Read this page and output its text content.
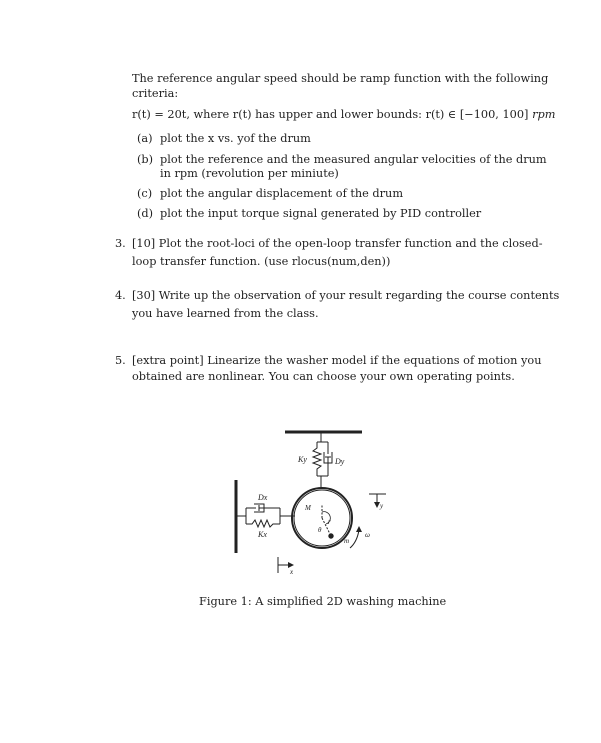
The reference angular speed should be ramp function with the following
criteria:
r(t) = 20t, where r(t) has upper and lower bounds: r(t) ∈ [−100, 100] rpm
(a) plot the x vs. yof the drum
(b) plot the reference and the measured angular velocities of the drum
in rpm (revolution per miniute)
(c) plot the angular displacement of the drum
(d) plot the input torque signal generated by PID controller
3. [10] Plot the root-loci of the open-loop transfer function and the closed-
loop transfer function. (use rlocus(num,den))
4. [30] Write up the observation of your result regarding the course contents
you have learned from the class.
5. [extra point] Linearize the washer model if the equations of motion you
obtained are nonlinear. You can choose your own operating points.
Ky	Dy
Dx
Kx
M
r
θ
m
ω
x
y
Figure 1: A simplified 2D washing machine
